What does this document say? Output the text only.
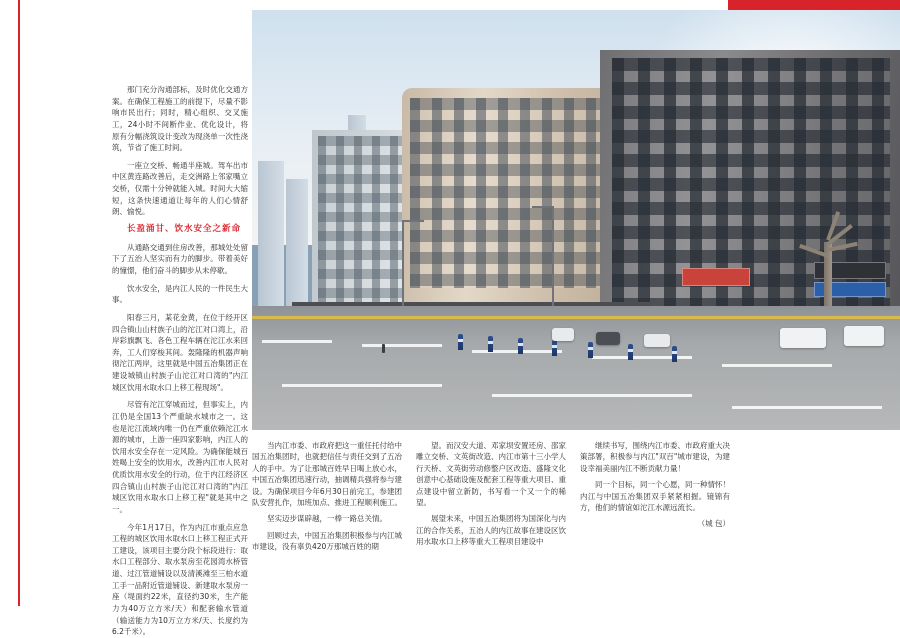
那门充分沟通部标，及时优化交通方案。在确保工程施工的前提下，尽量不影响市民出行；同时，精心组织、交叉施工，24小时不间断作业、优化设计，将原有分幅浇筑设计变改为现浇单一次性浇筑，节省了施工时间。

一座立交桥、畅通半座城。驾车出市中区黄连路改善后，走交洲路上邻家嘴立交桥，仅需十分钟就能入城。时间大大缩短，这条快速通道让每年的人们心情舒朗、愉悦。

长盈涌甘、饮水安全之新命

从通路交通到住房改善，那城处处留下了五治人坚实而有力的脚步。带着美好的憧憬，他们奋斗的脚步从未停歇。

饮水安全，是内江人民的一件民生大事。

阳春三月，某花金黄，在位于经开区四合镇山山村族子山的沱江对口湾上，沿岸彩旗飘飞、各色工程车辆在沱江水来回奔，工人们穿梭其间。轰隆隆的机器声响彻沱江两岸，这里就是中国五冶集团正在建设城镇山村族子山沱江对口湾的"内江城区饮用水取水口上移工程现场"。

尽管有沱江穿城而过，但事实上，内江仍是全国13个严重缺水城市之一。这也是沱江流域内唯一仍在严重依赖沱江水源的城市，上游一座四家影响，内江人的饮用水安全存在一定风险。为确保能城百姓喝上安全的饮用水，改善内江市人民对优质饮用水安全的行动，位于内江经济区四合镇山山村族子山沱江对口湾的"内江城区饮用水取水口上移工程"就是其中之一。

今年1月17日，作为内江市重点应急工程的城区饮用水取水口上移工程正式开工建设，该项目主要分段个标段进行：取水口工程部分、取水泵房至花园湾水桥管道、过江管道铺设以及清溪滩至三柏水道工手一品附近管道铺设、新建取水泵房一座（堤面约22米，直径约30米，生产能力为40万立方米/天）和配套输水管道（输送能力为10万立方米/天、长度约为6.2千米）。

当内江市委、市政府把这一重任托付给中国五冶集团时，也就把信任与责任交到了五冶人的手中。为了让那城百姓早日喝上放心水，中国五冶集团迅速行动，抽调精兵强将参与建设。为确保项目今年6月30日前完工，参建团队安营扎作，加班加点、推进工程顺利施工。

坚实迈步谋辟越，一棒一路总关情。

回顾过去，中国五冶集团积极参与内江城市建设，没有辜负420万那城百姓的期

望。而汉安大道、邓家坝安置还房、邵家雕立交桥、文英街改造、内江市第十三小学人行天桥、文英街劳动修整户区改造、盛隆文化创意中心基础设施及配套工程等重大项目、重点建设中留立新防，书写看一个又一个的稀望。

展望未来，中国五冶集团将为国深化与内江的合作关系，五冶人的内江故事在建设区饮用水取水口上移等重大工程项目建设中

继续书写，围绕内江市委、市政府重大决策部署，积极参与内江"双百"城市建设，为建设幸福美丽内江不断贡献力量！

同一个目标，同一个心愿，同一种情怀！内江与中国五冶集团双手紧紧相握。镜锦有方，他们的情谊如沱江水源远流长。

（城 包）
